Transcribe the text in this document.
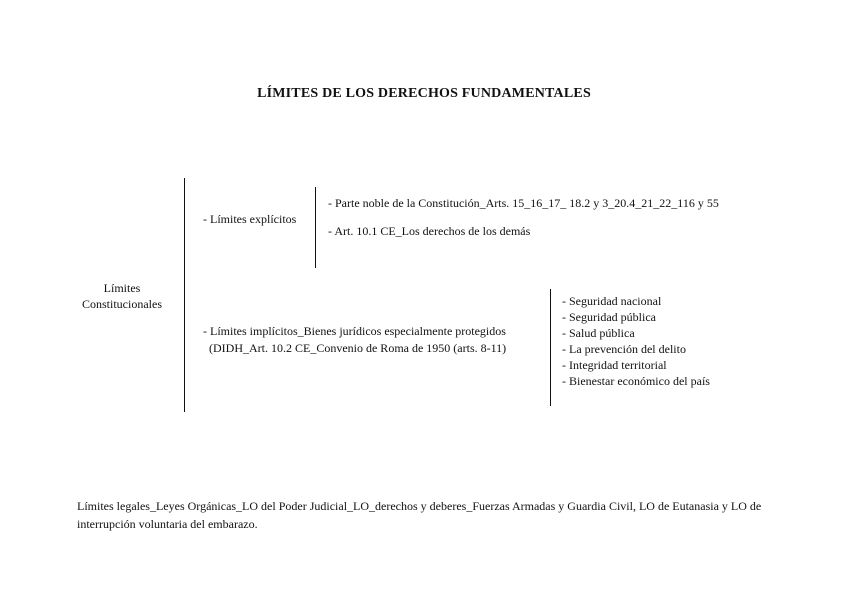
LÍMITES DE LOS DERECHOS FUNDAMENTALES
Límites
Constitucionales
- Límites explícitos
- Parte noble de la Constitución_Arts. 15_16_17_ 18.2 y 3_20.4_21_22_116 y 55
- Art. 10.1 CE_Los derechos de los demás
- Límites implícitos_Bienes jurídicos especialmente protegidos
(DIDH_Art. 10.2 CE_Convenio de Roma de 1950 (arts. 8-11)
- Seguridad nacional
- Seguridad pública
- Salud pública
- La prevención del delito
- Integridad territorial
- Bienestar económico del país
Límites legales_Leyes Orgánicas_LO del Poder Judicial_LO_derechos y deberes_Fuerzas Armadas y Guardia Civil, LO de Eutanasia y LO de interrupción voluntaria del embarazo.
